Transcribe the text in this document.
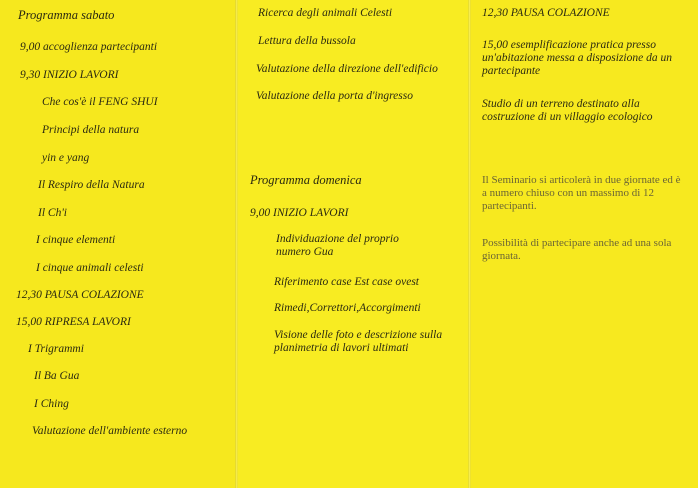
Programma sabato
9,00 accoglienza partecipanti
9,30 INIZIO LAVORI
Che cos'è il FENG SHUI
Principi della natura
yin e yang
Il Respiro della Natura
Il Ch'i
I cinque elementi
I cinque animali celesti
12,30 PAUSA COLAZIONE
15,00 RIPRESA LAVORI
I Trigrammi
Il Ba Gua
I Ching
Valutazione dell'ambiente esterno
Ricerca degli animali Celesti
Lettura della bussola
Valutazione della direzione dell'edificio
Valutazione della porta d'ingresso
Programma domenica
9,00 INIZIO LAVORI
Individuazione del proprio numero Gua
Riferimento case Est case ovest
Rimedi,Correttori,Accorgimenti
Visione delle foto e descrizione sulla planimetria di lavori ultimati
12,30 PAUSA COLAZIONE
15,00 esemplificazione pratica presso un'abitazione messa a disposizione da un partecipante
Studio di un terreno destinato alla costruzione di un villaggio ecologico
Il Seminario si articolerà in due giornate ed è a numero chiuso con un massimo di 12 partecipanti.
Possibilità di partecipare anche ad una sola giornata.
